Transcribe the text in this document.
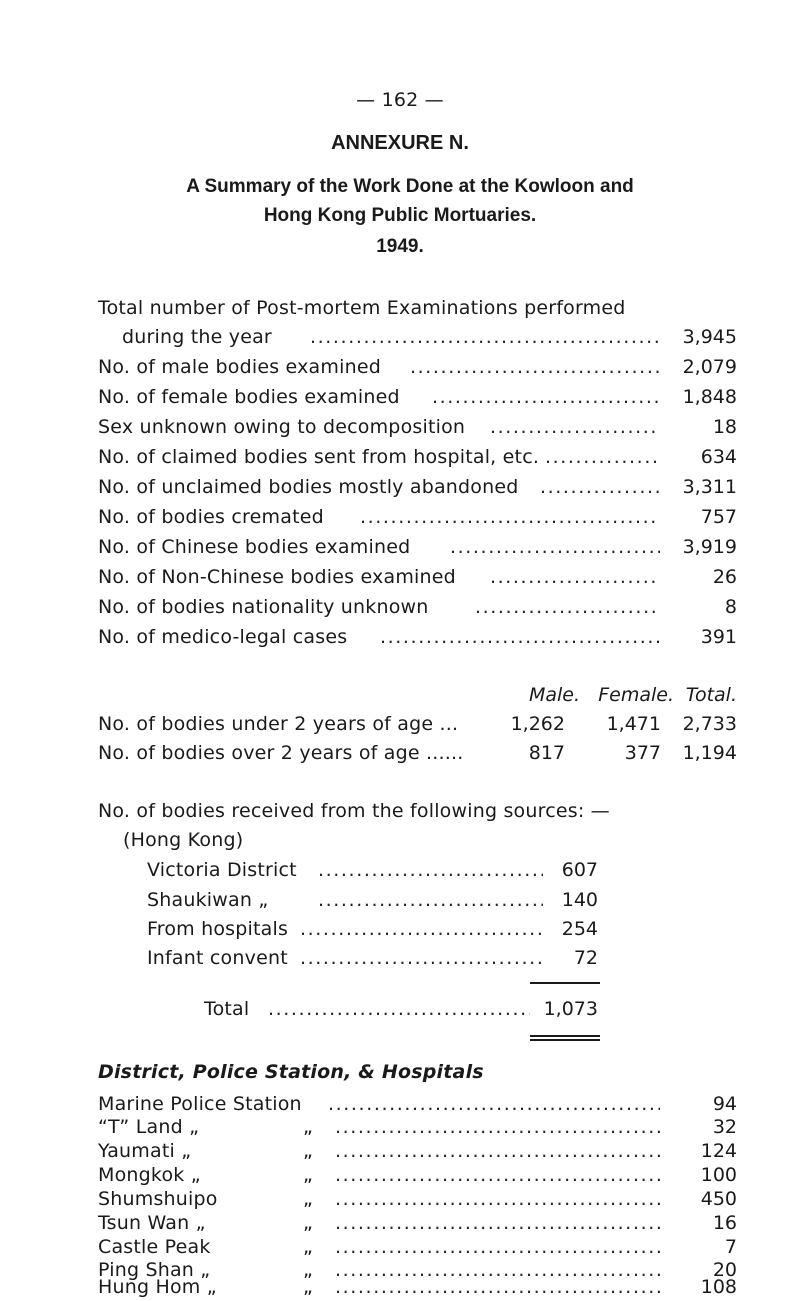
— 162 —
ANNEXURE N.
A Summary of the Work Done at the Kowloon and
Hong Kong Public Mortuaries.
1949.
Total number of Post-mortem Examinations performed
during the year .....	3,945
No. of male bodies examined .....	2,079
No. of female bodies examined .....	1,848
Sex unknown owing to decomposition .....	18
No. of claimed bodies sent from hospital, etc. .....	634
No. of unclaimed bodies mostly abandoned .....	3,311
No. of bodies cremated .....	757
No. of Chinese bodies examined .....	3,919
No. of Non-Chinese bodies examined .....	26
No. of bodies nationality unknown .....	8
No. of medico-legal cases .....	391
Male. Female. Total.
No. of bodies under 2 years of age ...	1,262	1,471	2,733
No. of bodies over 2 years of age ......	817	377	1,194
No. of bodies received from the following sources: —
(Hong Kong)
Victoria District .....	607
Shaukiwan „ .....	140
From hospitals .....	254
Infant convent .....	72
Total .....	1,073
District, Police Station, & Hospitals
Marine Police Station .....	94
“T” Land „	„ .....	32
Yaumati „	„ .....	124
Mongkok „	„ .....	100
Shumshuipo	„ .....	450
Tsun Wan „	„ .....	16
Castle Peak	„ .....	7
Ping Shan „	„ .....	20
Hung Hom „	„ .....	108
